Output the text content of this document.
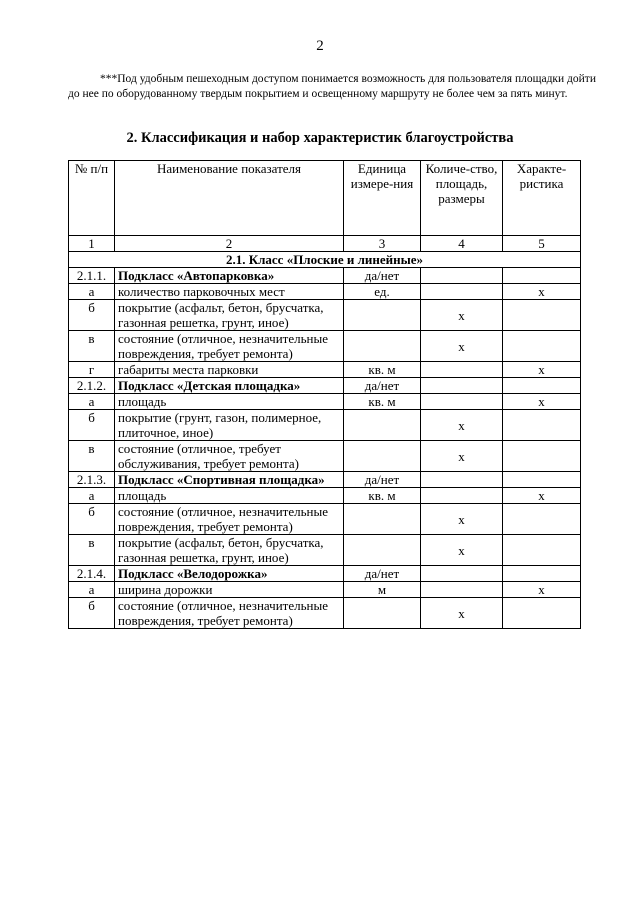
2
***Под удобным пешеходным доступом понимается возможность для пользователя площадки дойти до нее по оборудованному твердым покрытием и освещенному маршруту не более чем за пять минут.
2. Классификация и набор характеристик благоустройства
№ п/п	Наименование показателя	Единица измере-ния	Количе-ство, площадь, размеры	Характе-ристика
1	2	3	4	5
2.1. Класс «Плоские и линейные»				
2.1.1.	Подкласс «Автопарковка»	да/нет		
а	количество парковочных мест	ед.		x
б	покрытие (асфальт, бетон, брусчатка, газонная решетка, грунт, иное)		x	
в	состояние (отличное, незначительные повреждения, требует ремонта)		x	
г	габариты места парковки	кв. м		x
2.1.2.	Подкласс «Детская площадка»	да/нет		
а	площадь	кв. м		x
б	покрытие (грунт, газон, полимерное, плиточное, иное)		x	
в	состояние (отличное, требует обслуживания, требует ремонта)		x	
2.1.3.	Подкласс «Спортивная площадка»	да/нет		
а	площадь	кв. м		x
б	состояние (отличное, незначительные повреждения, требует ремонта)		x	
в	покрытие (асфальт, бетон, брусчатка, газонная решетка, грунт, иное)		x	
2.1.4.	Подкласс «Велодорожка»	да/нет		
а	ширина дорожки	м		x
б	состояние (отличное, незначительные повреждения, требует ремонта)		x	
